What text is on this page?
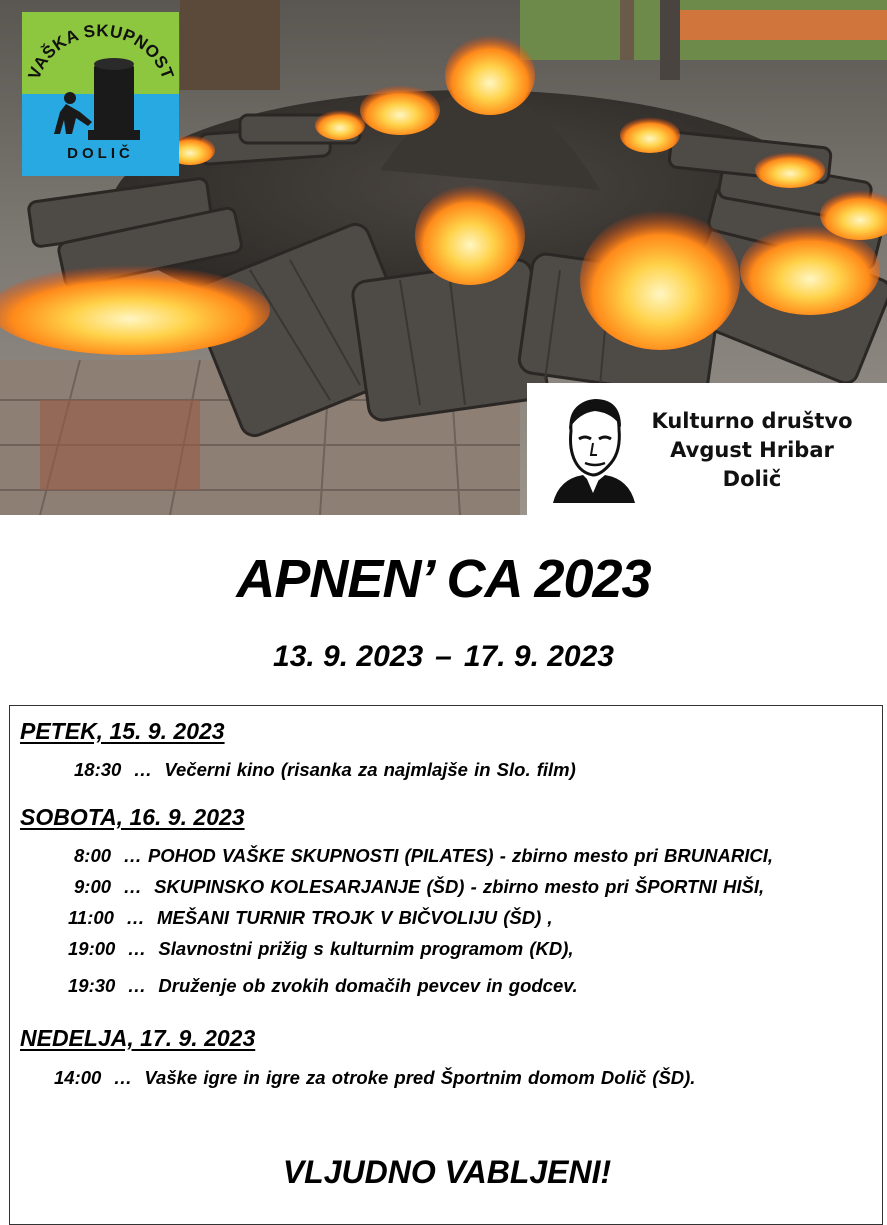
VAŠKA SKUPNOST
DOLIČ
Kulturno društvo
Avgust Hribar
Dolič
APNEN’ CA 2023
13. 9. 2023 – 17. 9. 2023
PETEK, 15. 9. 2023
18:30 … Večerni kino (risanka za najmlajše in Slo. film)
SOBOTA, 16. 9. 2023
8:00 … POHOD VAŠKE SKUPNOSTI (PILATES) - zbirno mesto pri BRUNARICI,
9:00 … SKUPINSKO KOLESARJANJE (ŠD) - zbirno mesto pri ŠPORTNI HIŠI,
11:00 … MEŠANI TURNIR TROJK V BIČVOLIJU (ŠD) ,
19:00 … Slavnostni prižig s kulturnim programom (KD),
19:30 … Druženje ob zvokih domačih pevcev in godcev.
NEDELJA, 17. 9. 2023
14:00 … Vaške igre in igre za otroke pred Športnim domom Dolič (ŠD).
VLJUDNO VABLJENI!
